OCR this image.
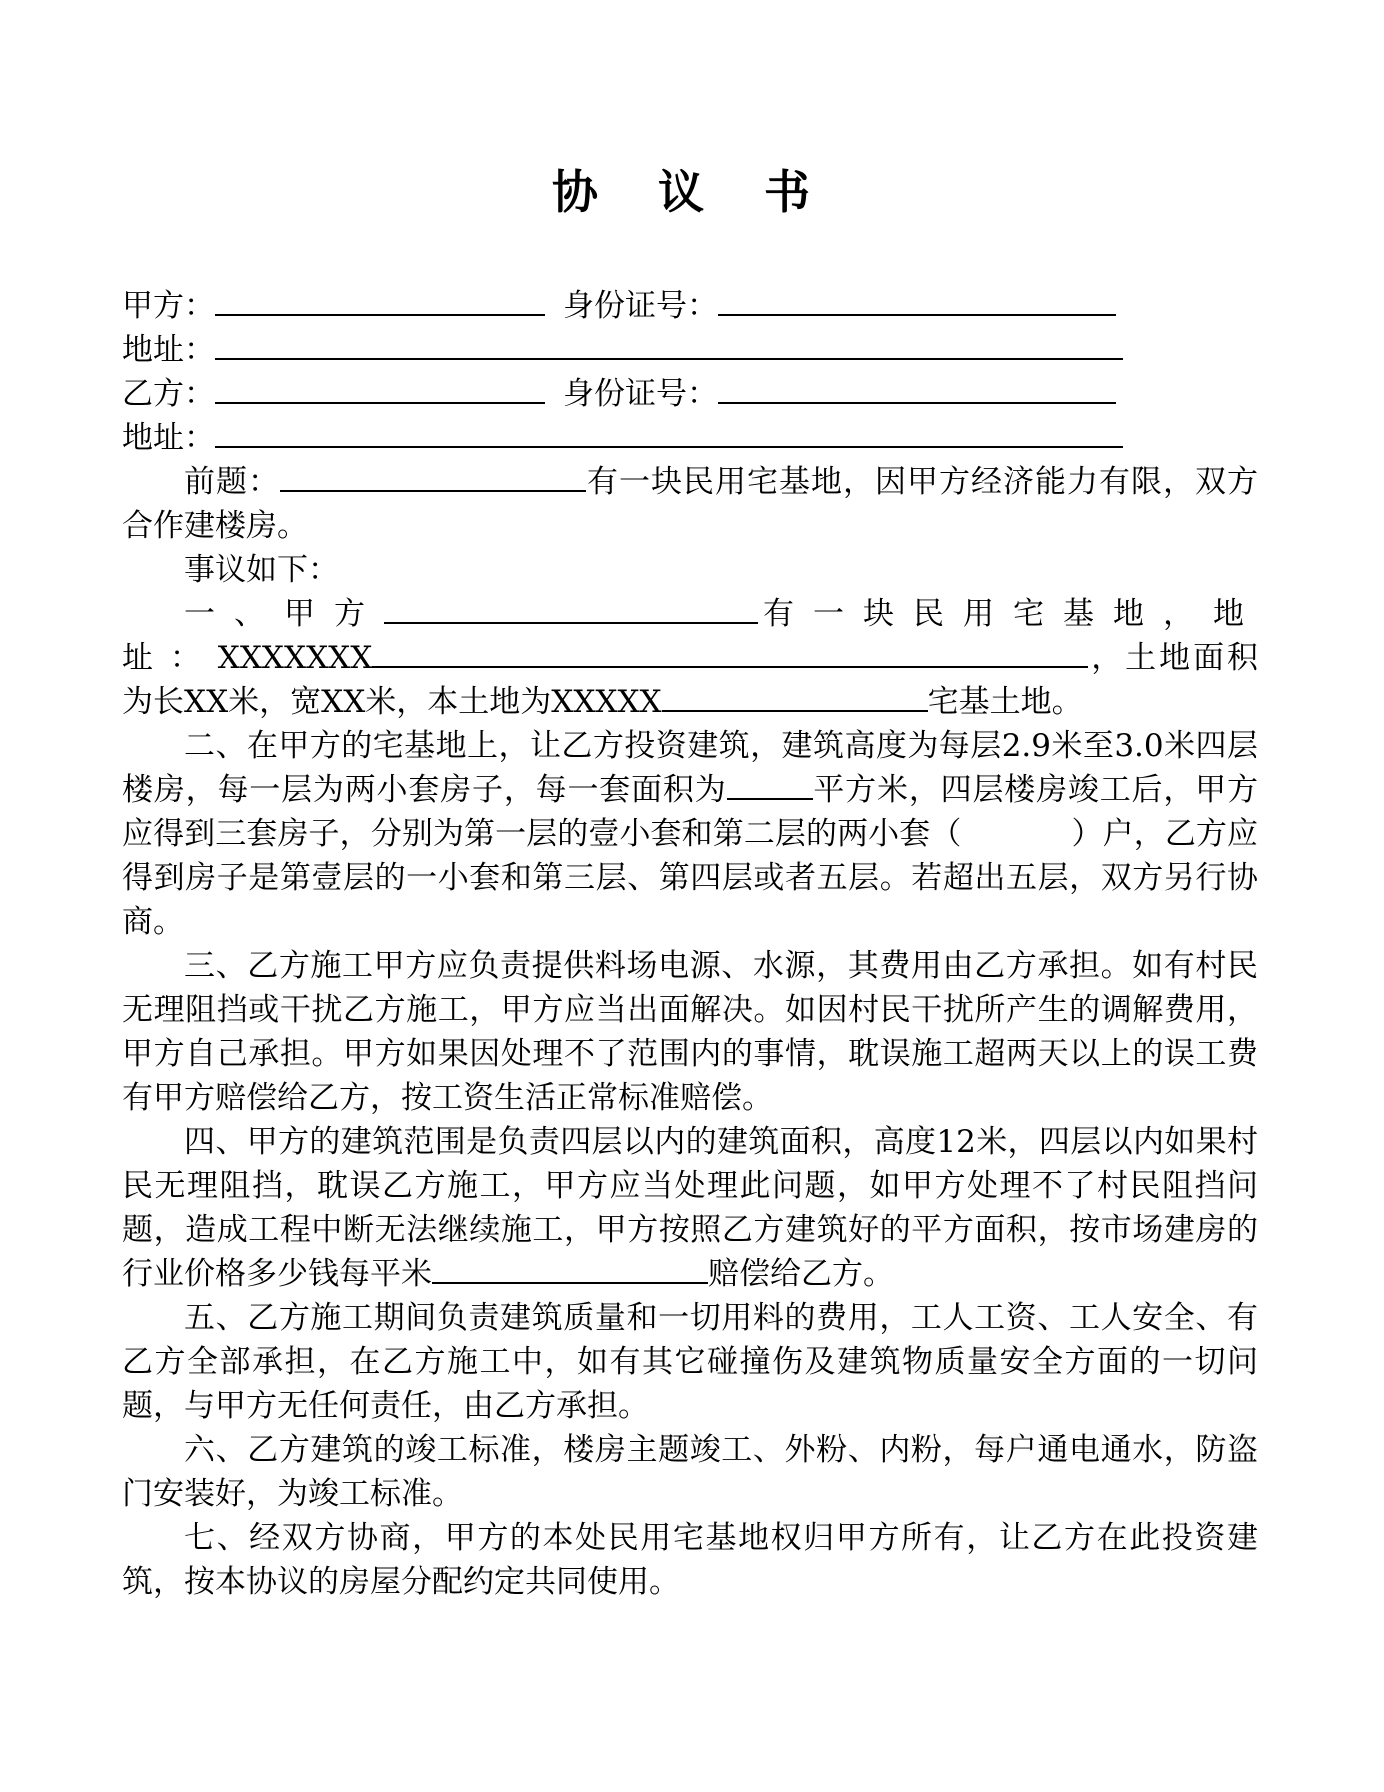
协 议 书
甲方：	身份证号：
地址：
乙方：	身份证号：
地址：

前题：	有一块民用宅基地，因甲方经济能力有限，双方合作建楼房。

事议如下：

一、甲方	有一块民用宅基地，地址：XXXXXXX	，土地面积为长XX米，宽XX米，本土地为XXXXX	宅基土地。

二、在甲方的宅基地上，让乙方投资建筑，建筑高度为每层2.9米至3.0米四层楼房，每一层为两小套房子，每一套面积为	平方米，四层楼房竣工后，甲方应得到三套房子，分别为第一层的壹小套和第二层的两小套（	）户，乙方应得到房子是第壹层的一小套和第三层、第四层或者五层。若超出五层，双方另行协商。

三、乙方施工甲方应负责提供料场电源、水源，其费用由乙方承担。如有村民无理阻挡或干扰乙方施工，甲方应当出面解决。如因村民干扰所产生的调解费用，甲方自己承担。甲方如果因处理不了范围内的事情，耽误施工超两天以上的误工费有甲方赔偿给乙方，按工资生活正常标准赔偿。

四、甲方的建筑范围是负责四层以内的建筑面积，高度12米，四层以内如果村民无理阻挡，耽误乙方施工，甲方应当处理此问题，如甲方处理不了村民阻挡问题，造成工程中断无法继续施工，甲方按照乙方建筑好的平方面积，按市场建房的行业价格多少钱每平米	赔偿给乙方。

五、乙方施工期间负责建筑质量和一切用料的费用，工人工资、工人安全、有乙方全部承担，在乙方施工中，如有其它碰撞伤及建筑物质量安全方面的一切问题，与甲方无任何责任，由乙方承担。

六、乙方建筑的竣工标准，楼房主题竣工、外粉、内粉，每户通电通水，防盗门安装好，为竣工标准。

七、经双方协商，甲方的本处民用宅基地权归甲方所有，让乙方在此投资建筑，按本协议的房屋分配约定共同使用。
